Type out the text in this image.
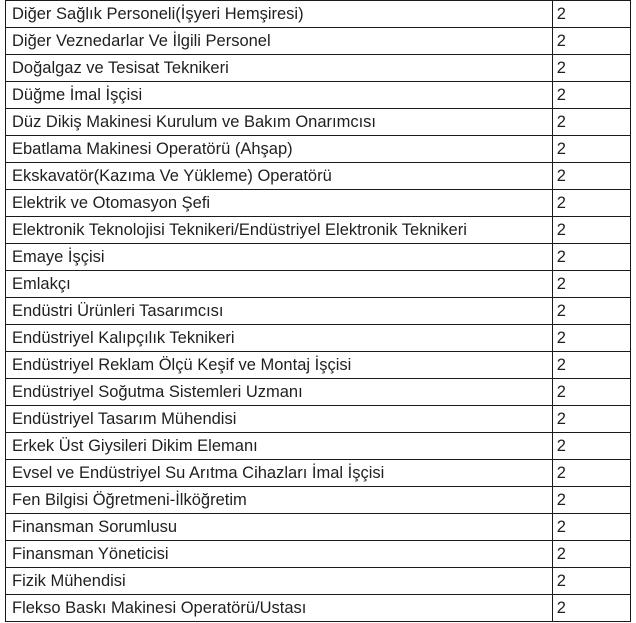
Diğer Sağlık Personeli(İşyeri Hemşiresi)	2
Diğer Veznedarlar Ve İlgili Personel	2
Doğalgaz ve Tesisat Teknikeri	2
Düğme İmal İşçisi	2
Düz Dikiş Makinesi Kurulum ve Bakım Onarımcısı	2
Ebatlama Makinesi Operatörü (Ahşap)	2
Ekskavatör(Kazıma Ve Yükleme) Operatörü	2
Elektrik ve Otomasyon Şefi	2
Elektronik Teknolojisi Teknikeri/Endüstriyel Elektronik Teknikeri	2
Emaye İşçisi	2
Emlakçı	2
Endüstri Ürünleri Tasarımcısı	2
Endüstriyel Kalıpçılık Teknikeri	2
Endüstriyel Reklam Ölçü Keşif ve Montaj İşçisi	2
Endüstriyel Soğutma Sistemleri Uzmanı	2
Endüstriyel Tasarım Mühendisi	2
Erkek Üst Giysileri Dikim Elemanı	2
Evsel ve Endüstriyel Su Arıtma Cihazları İmal İşçisi	2
Fen Bilgisi Öğretmeni-İlköğretim	2
Finansman Sorumlusu	2
Finansman Yöneticisi	2
Fizik Mühendisi	2
Flekso Baskı Makinesi Operatörü/Ustası	2
